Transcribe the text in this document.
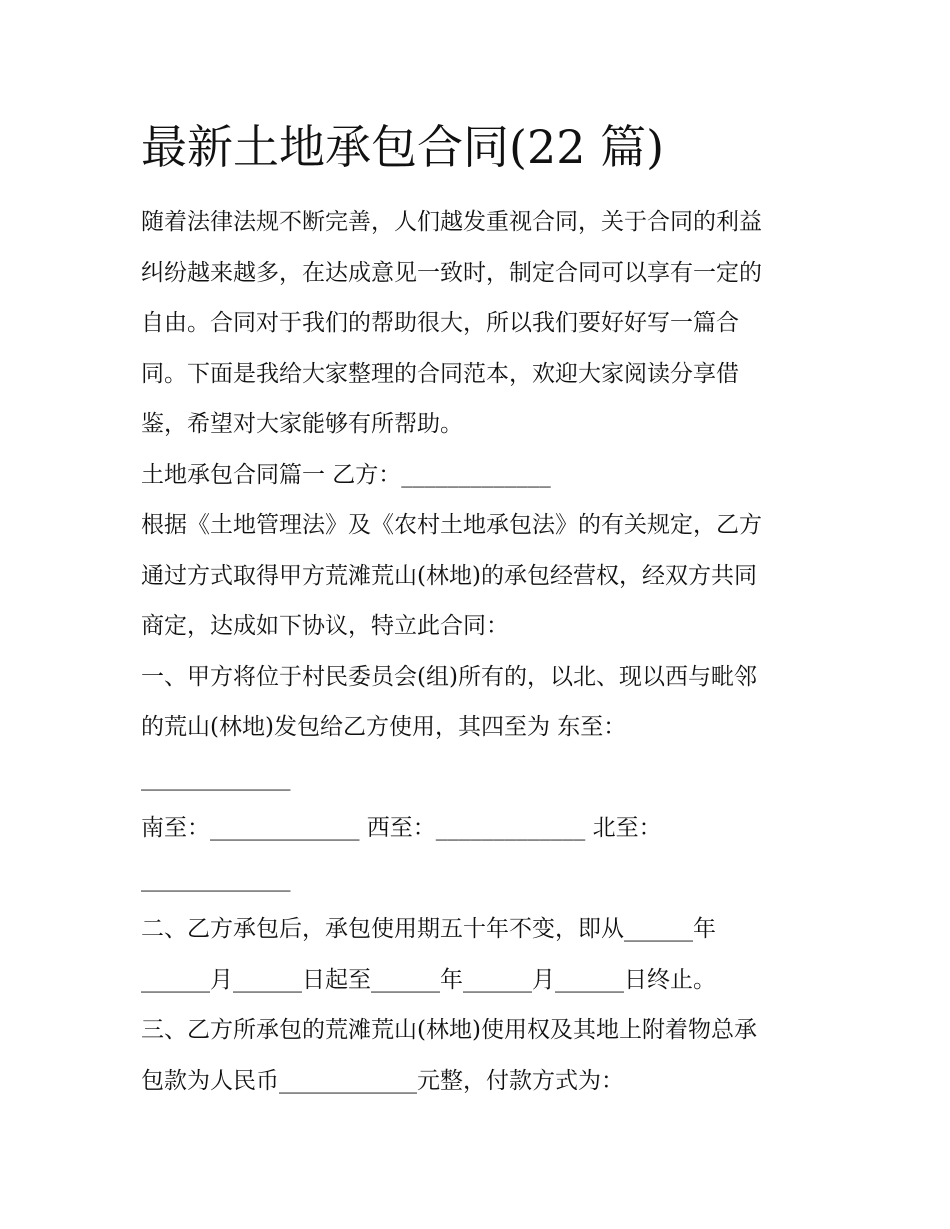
最新土地承包合同(22 篇)
随着法律法规不断完善，人们越发重视合同，关于合同的利益
纠纷越来越多，在达成意见一致时，制定合同可以享有一定的
自由。合同对于我们的帮助很大，所以我们要好好写一篇合
同。下面是我给大家整理的合同范本，欢迎大家阅读分享借
鉴，希望对大家能够有所帮助。
土地承包合同篇一 乙方：_____________
根据《土地管理法》及《农村土地承包法》的有关规定，乙方
通过方式取得甲方荒滩荒山(林地)的承包经营权，经双方共同
商定，达成如下协议，特立此合同：
一、甲方将位于村民委员会(组)所有的，以北、现以西与毗邻
的荒山(林地)发包给乙方使用，其四至为 东至：
_____________
南至：_____________ 西至：_____________ 北至：
_____________
二、乙方承包后，承包使用期五十年不变，即从______年
______月______日起至______年______月______日终止。
三、乙方所承包的荒滩荒山(林地)使用权及其地上附着物总承
包款为人民币____________元整，付款方式为：
